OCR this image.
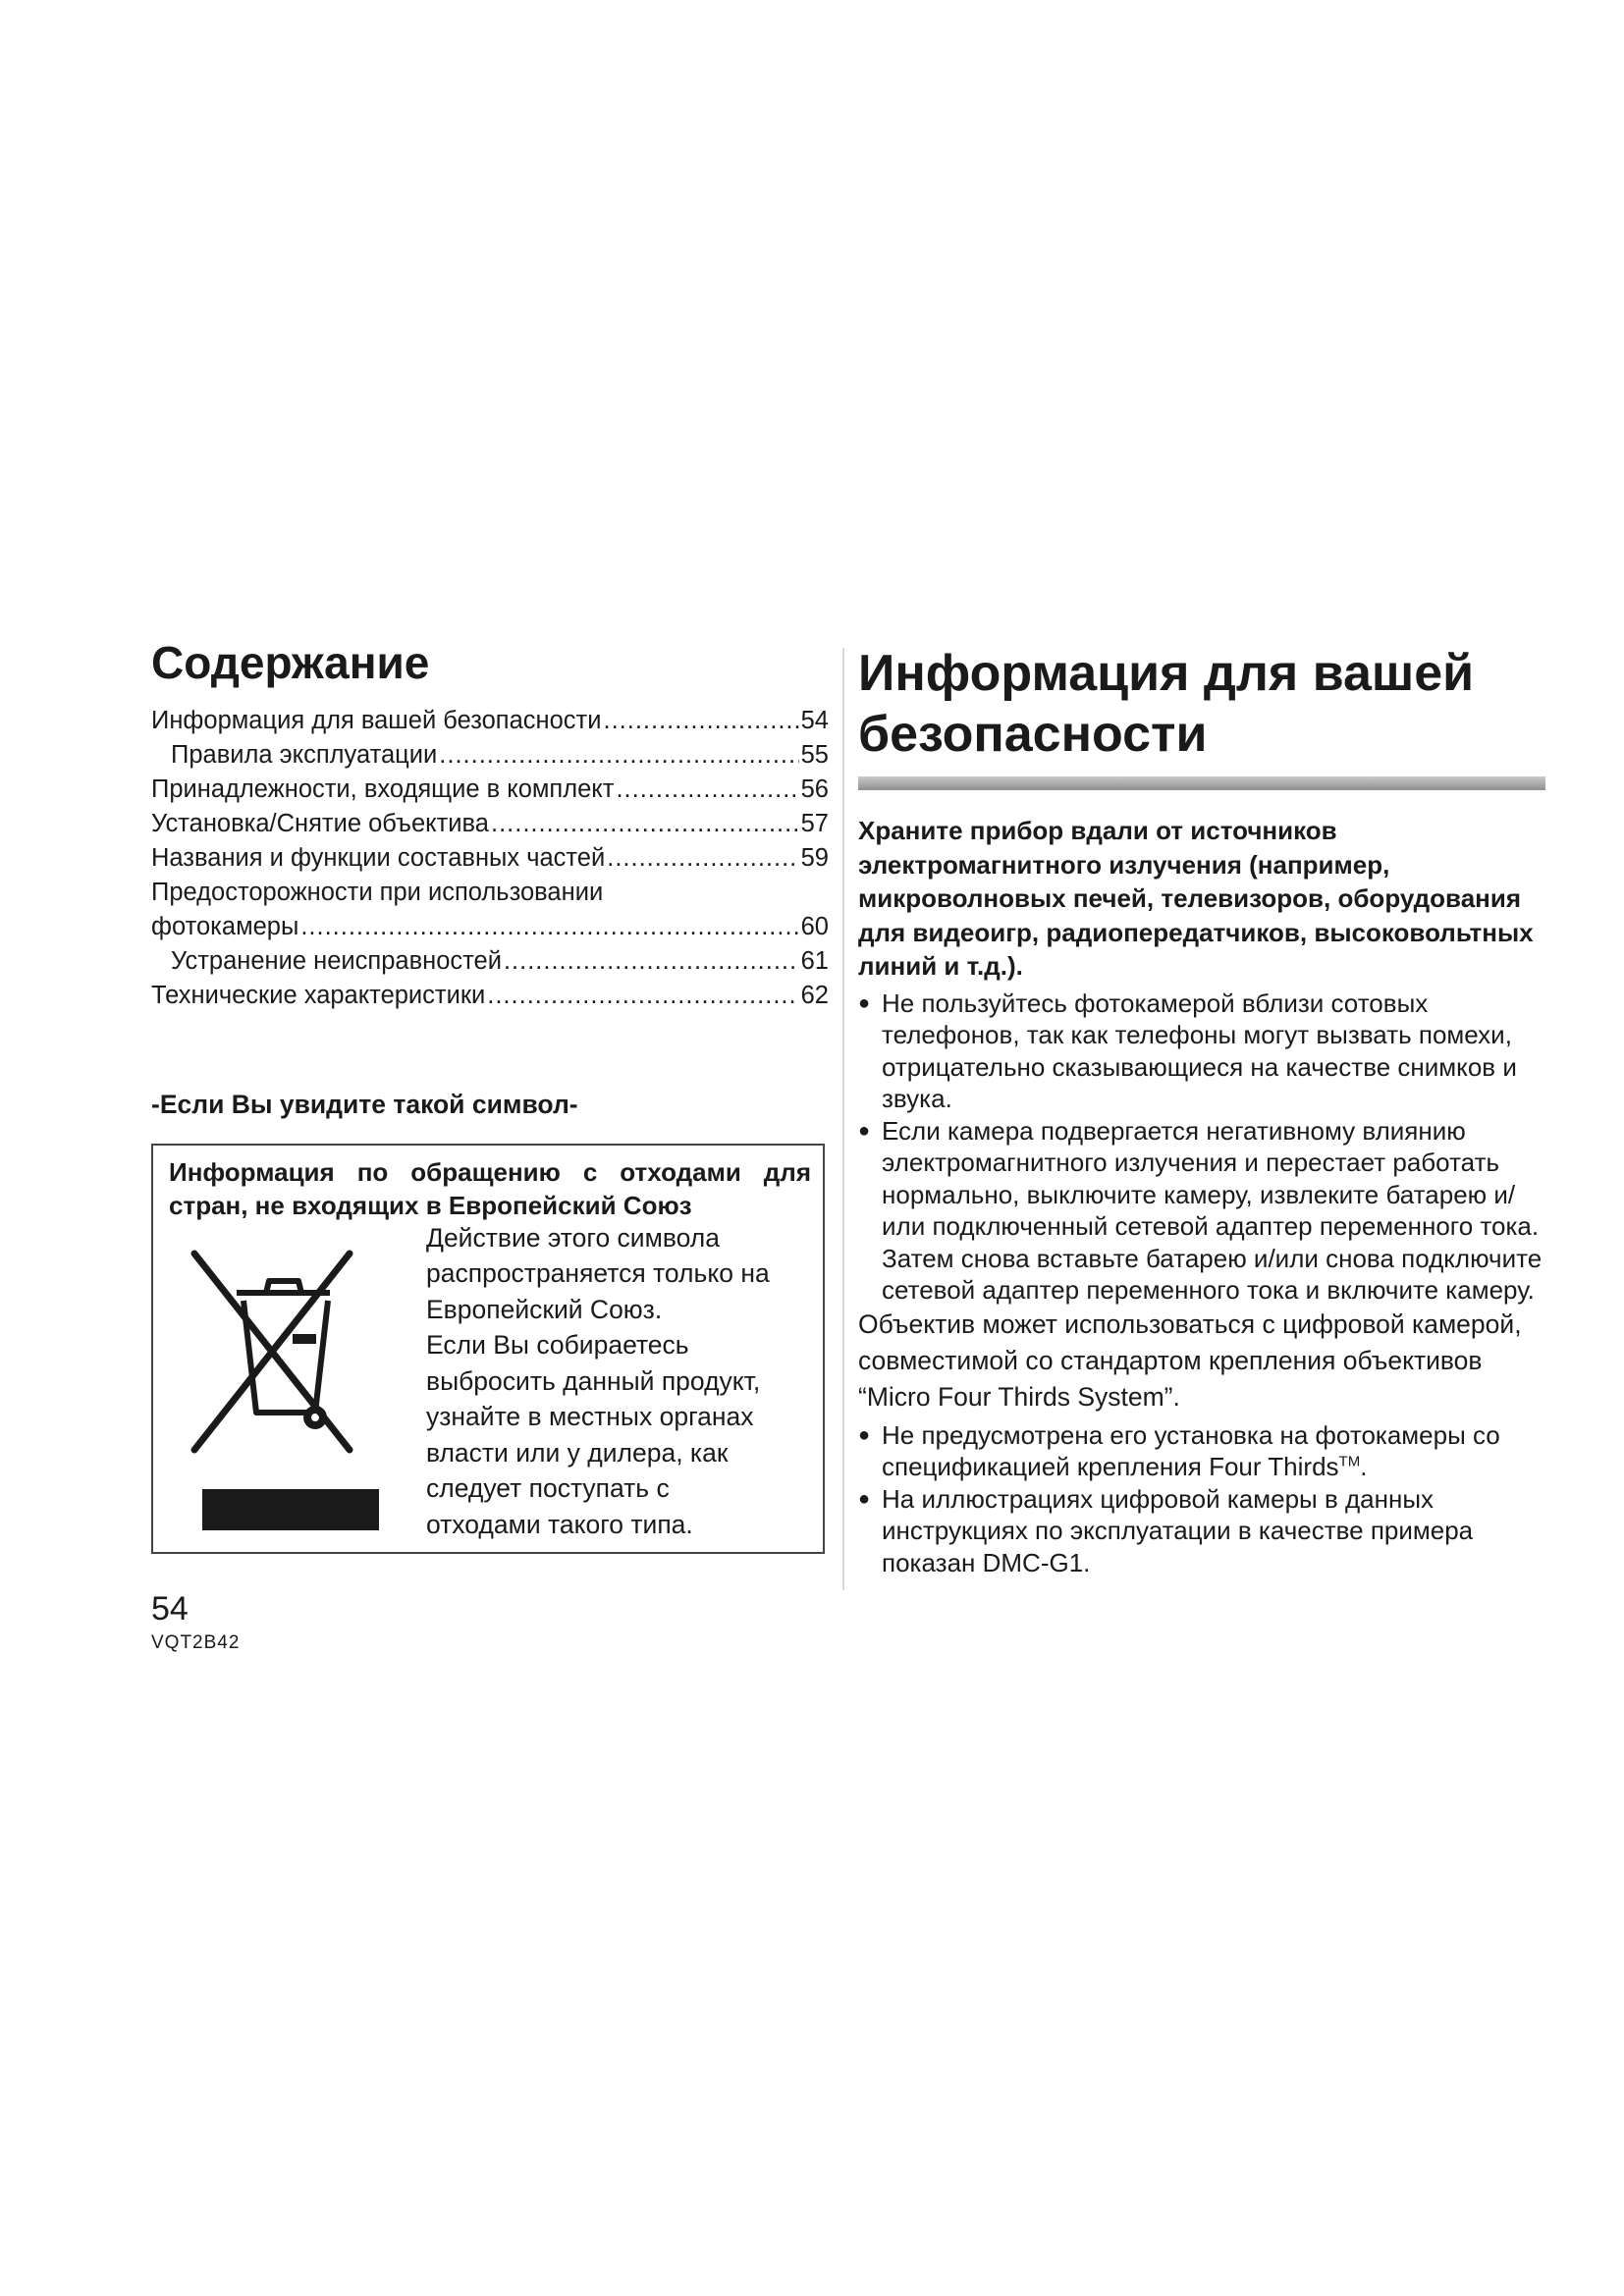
Содержание
Информация для вашей безопасности .....	54
Правила эксплуатации .....	55
Принадлежности, входящие в комплект .....	56
Установка/Снятие объектива .....	57
Названия и функции составных частей .....	59
Предосторожности при использовании
фотокамеры .....	60
Устранение неисправностей .....	61
Технические характеристики .....	62
-Если Вы увидите такой символ-
Информация по обращению с отходами для стран, не входящих в Европейский Союз

Действие этого символа

распространяется только на

Европейский Союз.

Если Вы собираетесь

выбросить данный продукт,

узнайте в местных органах

власти или у дилера, как

следует поступать с

отходами такого типа.

54
VQT2B42
Информация для вашей
безопасности
Храните прибор вдали от источников электромагнитного излучения (например, микроволновых печей, телевизоров, оборудования для видеоигр, радиопередатчиков, высоковольтных линий и т.д.).
● Не пользуйтесь фотокамерой вблизи сотовых телефонов, так как телефоны могут вызвать помехи, отрицательно сказывающиеся на качестве снимков и звука.
● Если камера подвергается негативному влиянию электромагнитного излучения и перестает работать нормально, выключите камеру, извлеките батарею и/или подключенный сетевой адаптер переменного тока. Затем снова вставьте батарею и/или снова подключите сетевой адаптер переменного тока и включите камеру.

Объектив может использоваться с цифровой камерой, совместимой со стандартом крепления объективов “Micro Four Thirds System”.

● Не предусмотрена его установка на фотокамеры со спецификацией крепления Four Thirds™.
● На иллюстрациях цифровой камеры в данных инструкциях по эксплуатации в качестве примера показан DMC-G1.
